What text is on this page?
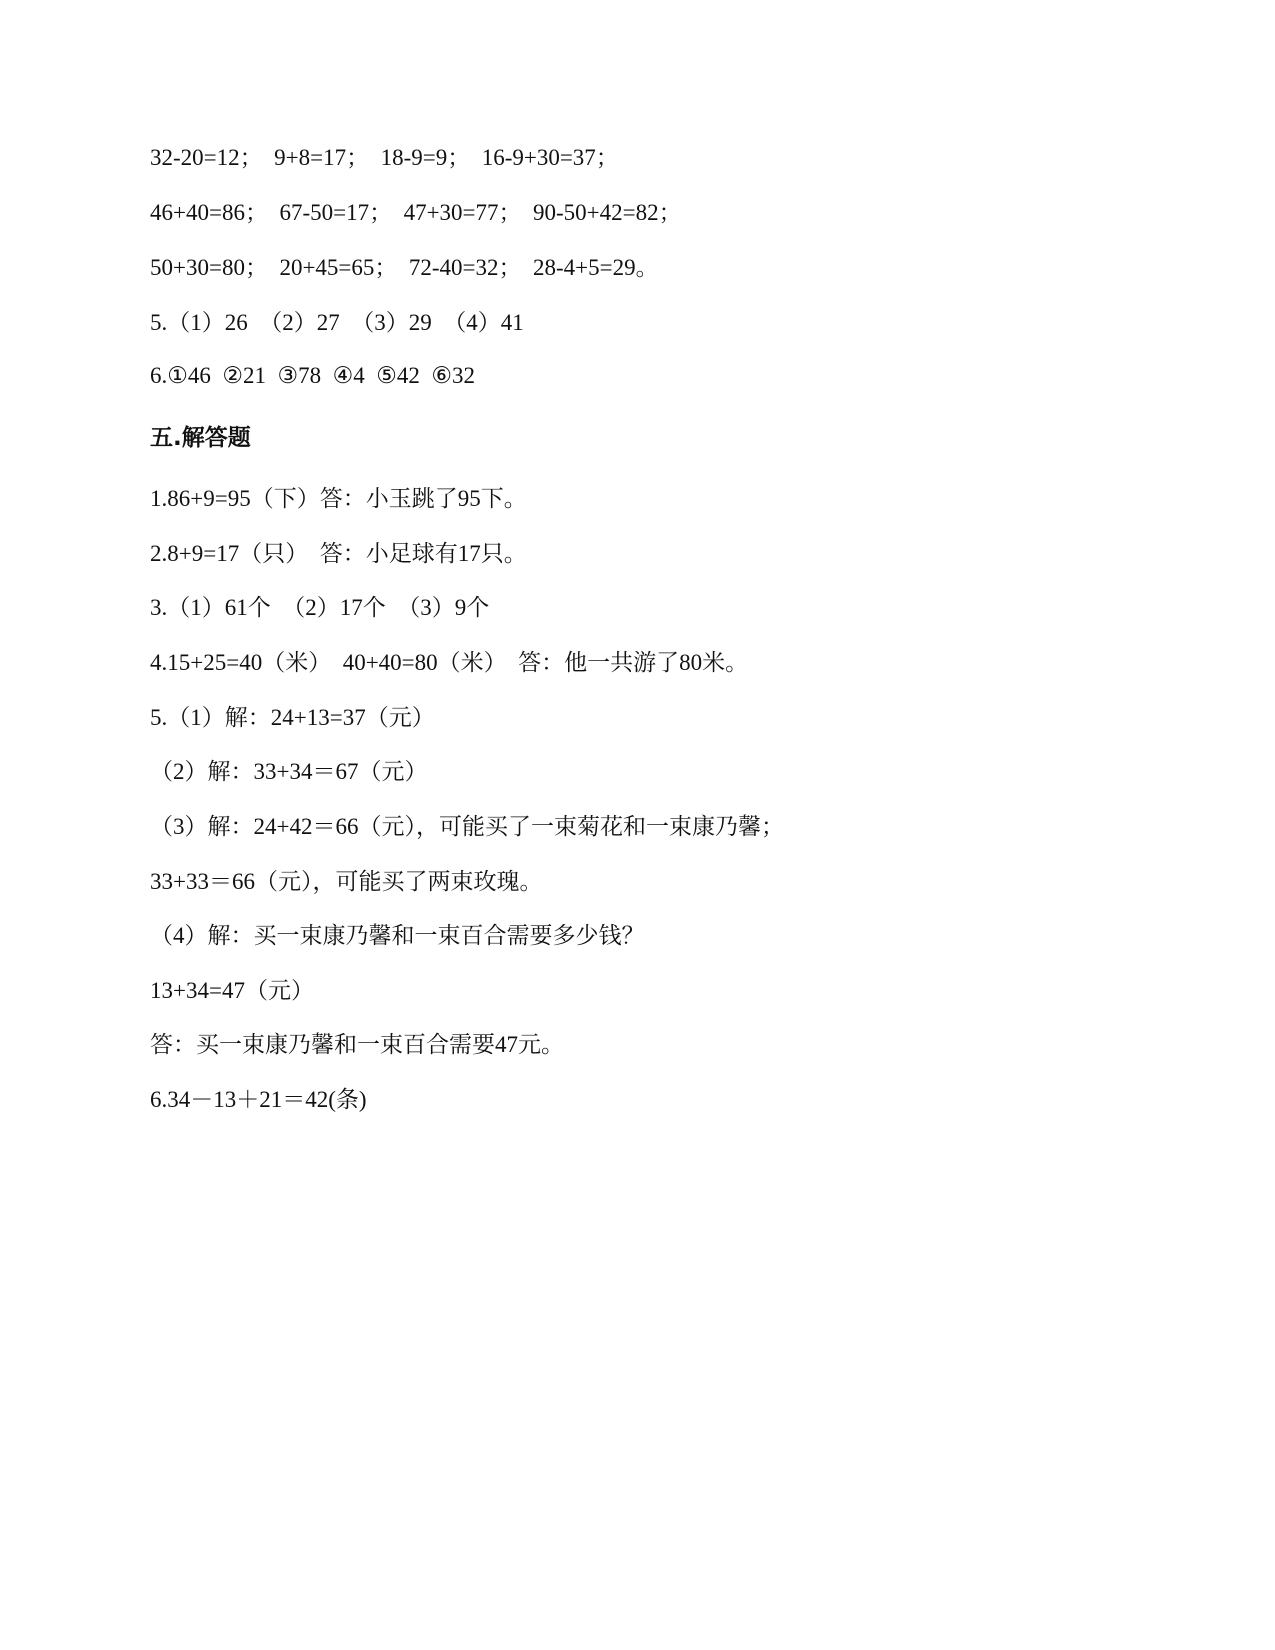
32-20=12；  9+8=17；  18-9=9；  16-9+30=37；
46+40=86；  67-50=17；  47+30=77；  90-50+42=82；
50+30=80；  20+45=65；  72-40=32；  28-4+5=29。
5.（1）26  （2）27  （3）29  （4）41
6.①46  ②21  ③78  ④4  ⑤42  ⑥32
五.解答题
1.86+9=95（下）答：小玉跳了95下。
2.8+9=17（只）  答：小足球有17只。
3.（1）61个  （2）17个  （3）9个
4.15+25=40（米）  40+40=80（米）  答：他一共游了80米。
5.（1）解：24+13=37（元）
（2）解：33+34＝67（元）
（3）解：24+42＝66（元），可能买了一束菊花和一束康乃馨；
33+33＝66（元），可能买了两束玫瑰。
（4）解：买一束康乃馨和一束百合需要多少钱？
13+34=47（元）
答：买一束康乃馨和一束百合需要47元。
6.34－13＋21＝42(条)
